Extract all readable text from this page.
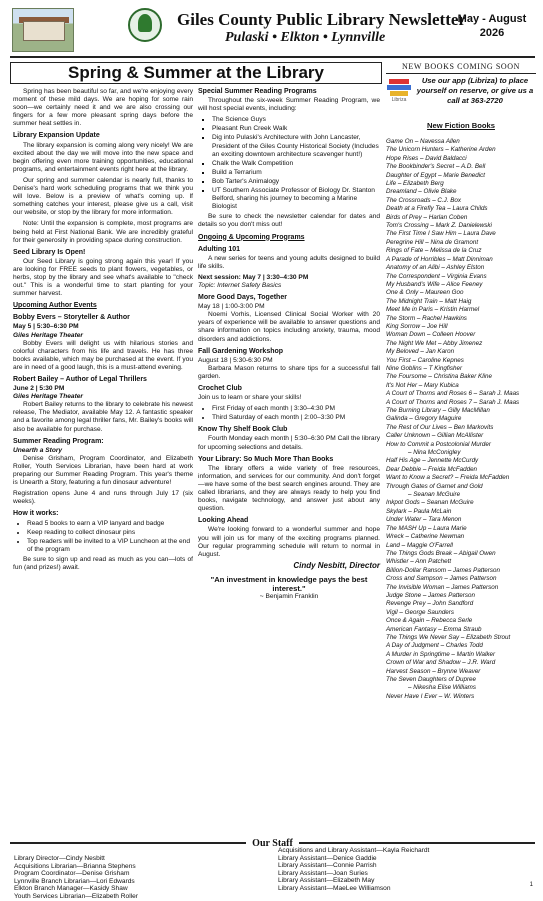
Giles County Public Library Newsletter
Pulaski • Elkton • Lynnville
May - August
2026
Spring & Summer at the Library

Spring has been beautiful so far, and we're enjoying every moment of these mild days. We are hoping for some rain soon—we certainly need it and we are also crossing our fingers for a few more pleasant spring days before the summer heat settles in.

Library Expansion Update

The library expansion is coming along very nicely! We are excited about the day we will move into the new space and begin offering even more training opportunities, educational programs, and entertainment events right here at the library.

Our spring and summer calendar is nearly full, thanks to Denise's hard work scheduling programs that we think you will love. Below is a preview of what's coming up. If something catches your interest, please give us a call, visit our website, or stop by the library for more information.

Note: Until the expansion is complete, most programs are being held at First National Bank. We are incredibly grateful for their generosity in providing space during construction.

Seed Library Is Open!

Our Seed Library is going strong again this year! If you are looking for FREE seeds to plant flowers, vegetables, or herbs, stop by the library and see what's available to "check out." This is a wonderful time to start planting for your summer harvest.

Upcoming Author Events
Bobby Evers – Storyteller & Author
May 5 | 5:30–6:30 PM
Giles Heritage Theater

Bobby Evers will delight us with hilarious stories and colorful characters from his life and travels. He has three books available, which may be purchased at the event. If you are in need of a good laugh, this is a must-attend evening.

Robert Bailey – Author of Legal Thrillers
June 2 | 5:30 PM
Giles Heritage Theater

Robert Bailey returns to the library to celebrate his newest release, The Mediator, available May 12. A fantastic speaker and a favorite among legal thriller fans, Mr. Bailey's books will also be available for purchase.

Summer Reading Program:
Unearth a Story

Denise Grisham, Program Coordinator, and Elizabeth Roller, Youth Services Librarian, have been hard at work preparing our Summer Reading Program. This year's theme is Unearth a Story, featuring a fun dinosaur adventure!

Registration opens June 4 and runs through July 17 (six weeks).

How it works:
• Read 5 books to earn a VIP lanyard and badge
• Keep reading to collect dinosaur pins
• Top readers will be invited to a VIP Luncheon at the end of the program

Be sure to sign up and read as much as you can—lots of fun (and prizes!) await.

Special Summer Reading Programs

Throughout the six-week Summer Reading Program, we will host special events, including:

▪ The Science Guys
▪ Pleasant Run Creek Walk
▪ Dig into Pulaski's Architecture with John Lancaster, President of the Giles County Historical Society (Includes an exciting downtown architecture scavenger hunt!)
▪ Chalk the Walk Competition
▪ Build a Terrarium
▪ Bob Tarter's Animalogy
▪ UT Southern Associate Professor of Biology Dr. Stanton Belford, sharing his journey to becoming a Marine Biologist

Be sure to check the newsletter calendar for dates and details so you don't miss out!

Ongoing & Upcoming Programs
Adulting 101

A new series for teens and young adults designed to build life skills.

Next session: May 7 | 3:30–4:30 PM
Topic: Internet Safety Basics
More Good Days, Together
May 18 | 1:00-3:00 PM

Noemi Vorhis, Licensed Clinical Social Worker with 20 years of experience will be available to answer questions and share information on topics including anxiety, trauma, mood disorders and addictions.

Fall Gardening Workshop
August 18 | 5:30-6:30 PM

Barbara Mason returns to share tips for a successful fall garden.

Crochet Club

Join us to learn or share your skills!

• First Friday of each month | 3:30–4:30 PM
• Third Saturday of each month | 2:00–3:30 PM
Know Thy Shelf Book Club

Fourth Monday each month | 5:30–6:30 PM Call the library for upcoming selections and details.

Your Library: So Much More Than Books

The library offers a wide variety of free resources, information, and services for our community. And don't forget—we have some of the best search engines around. They are called librarians, and they are always ready to help you find books, navigate technology, and answer just about any question.

Looking Ahead

We're looking forward to a wonderful summer and hope you will join us for many of the exciting programs planned. Our regular programming schedule will return to normal in August.

Cindy Nesbitt, Director
"An investment in knowledge pays the best interest."
~ Benjamin Franklin
NEW BOOKS COMING SOON
Libriza
Use our app (Libriza) to place yourself on reserve, or give us a call at 363-2720
New Fiction Books
Game On – Navessa Allen
The Unicorn Hunters – Katherine Arden
Hope Rises – David Baldacci
The Bookbinder's Secret – A.D. Bell
Daughter of Egypt – Marie Benedict
Life – Elizabeth Berg
Dreamland – Olivie Blake
The Crossroads – C.J. Box
Death at a Firefly Tea – Laura Childs
Birds of Prey – Harlan Coben
Tom's Crossing – Mark Z. Danielewski
The First Time I Saw Him – Laura Dave
Peregrine Hill – Nina de Gramont
Rings of Fate – Melissa de la Cruz
A Parade of Horribles – Matt Dinniman
Anatomy of an Alibi – Ashley Elston
The Correspondent – Virginia Evans
My Husband's Wife – Alice Feeney
One & Only – Maureen Goo
The Midnight Train – Matt Haig
Meet Me in Paris – Kristin Harmel
The Storm – Rachel Hawkins
King Sorrow – Joe Hill
Woman Down – Colleen Hoover
The Night We Met – Abby Jimenez
My Beloved – Jan Karon
You First – Caroline Kepnes
Nine Goblins – T Kingfisher
The Foursome – Christina Baker Kline
It's Not Her – Mary Kubica
A Court of Thorns and Roses 6 – Sarah J. Maas
A Court of Thorns and Roses 7 – Sarah J. Maas
The Burning Library – Gilly MacMillan
Galinda – Gregory Maguire
The Rest of Our Lives – Ben Markovits
Caller Unknown – Gillian McAllister
How to Commit a Postcolonial Murder
– Nina McConigley
Half His Age – Jennette McCurdy
Dear Debbie – Freida McFadden
Want to Know a Secret? – Freida McFadden
Through Gates of Garnet and Gold
– Seanan McGuire
Inkpot Gods – Seanan McGuire
Skylark – Paula McLain
Under Water – Tara Menon
The MASH Up – Laura Marie
Wreck – Catherine Newman
Land – Maggie O'Farrell
The Things Gods Break – Abigail Owen
Whistler – Ann Patchett
Billion-Dollar Ransom – James Patterson
Cross and Sampson – James Patterson
The Invisible Woman – James Patterson
Judge Stone – James Patterson
Revenge Prey – John Sandford
Vigil – George Saunders
Once & Again – Rebecca Serle
American Fantasy – Emma Straub
The Things We Never Say – Elizabeth Strout
A Day of Judgment – Charles Todd
A Murder in Springtime – Martin Walker
Crown of War and Shadow – J.R. Ward
Harvest Season – Brynne Weaver
The Seven Daughters of Dupree
– Nikesha Elise Williams
Never Have I Ever – W. Winters
Our Staff
Library Director—Cindy Nesbitt
Acquisitions Librarian—Brianna Stephens
Program Coordinator—Denise Grisham
Lynnville Branch Librarian—Lori Edwards
Elkton Branch Manager—Kasidy Shaw
Youth Services Librarian—Elizabeth Roller
Acquisitions and Library Assistant—Kayla Reichardt
Library Assistant—Denice Gaddie
Library Assistant—Connie Parrish
Library Assistant—Joan Suries
Library Assistant—Elizabeth May
Library Assistant—MaeLee Williamson	1
